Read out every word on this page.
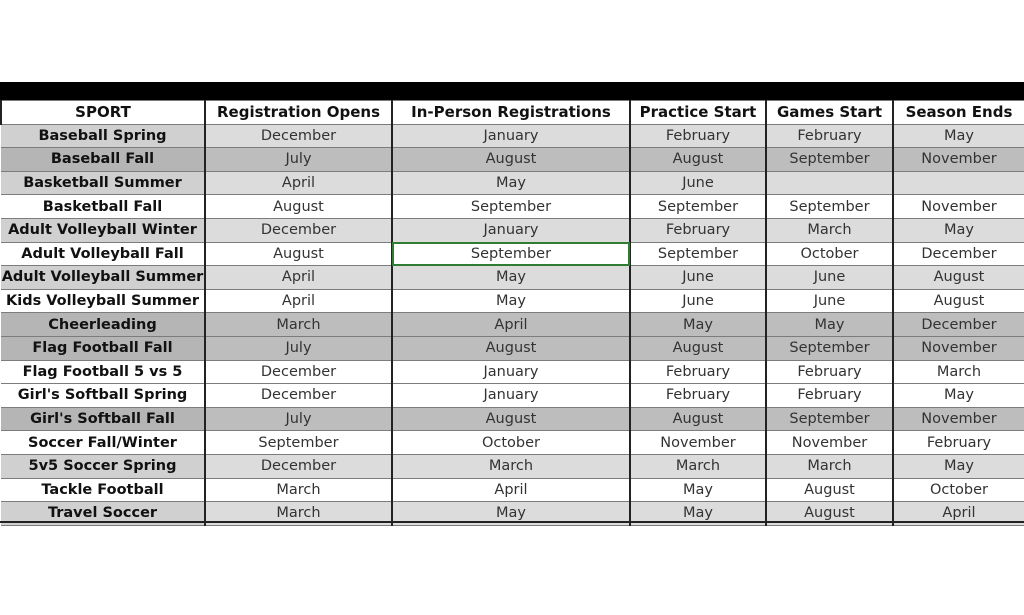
SPORT	Registration Opens	In-Person Registrations	Practice Start	Games Start	Season Ends
Baseball Spring	December	January	February	February	May
Baseball Fall	July	August	August	September	November
Basketball Summer	April	May	June		
Basketball Fall	August	September	September	September	November
Adult Volleyball Winter	December	January	February	March	May
Adult Volleyball Fall	August	September	September	October	December
Adult Volleyball Summer	April	May	June	June	August
Kids Volleyball Summer	April	May	June	June	August
Cheerleading	March	April	May	May	December
Flag Football Fall	July	August	August	September	November
Flag Football 5 vs 5	December	January	February	February	March
Girl's Softball Spring	December	January	February	February	May
Girl's Softball Fall	July	August	August	September	November
Soccer Fall/Winter	September	October	November	November	February
5v5 Soccer Spring	December	March	March	March	May
Tackle Football	March	April	May	August	October
Travel Soccer	March	May	May	August	April
